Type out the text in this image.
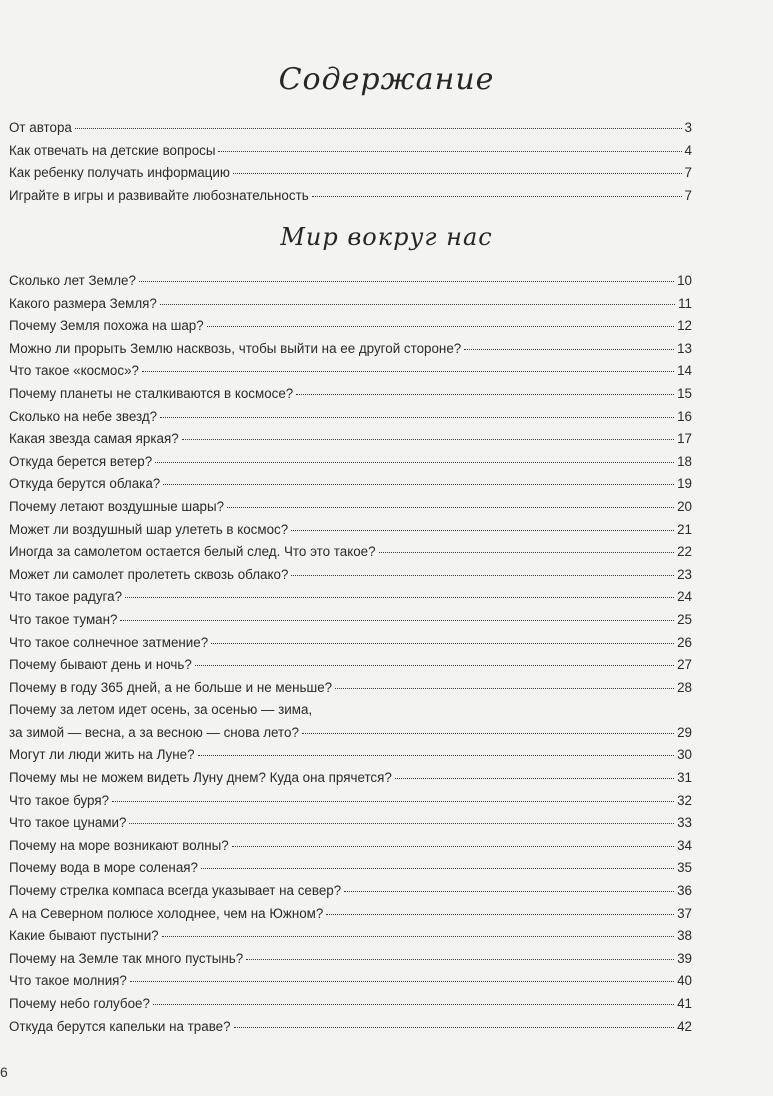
Содержание
От автора	3
Как отвечать на детские вопросы	4
Как ребенку получать информацию	7
Играйте в игры и развивайте любознательность	7
Мир вокруг нас
Сколько лет Земле?	10
Какого размера Земля?	11
Почему Земля похожа на шар?	12
Можно ли прорыть Землю насквозь, чтобы выйти на ее другой стороне?	13
Что такое «космос»?	14
Почему планеты не сталкиваются в космосе?	15
Сколько на небе звезд?	16
Какая звезда самая яркая?	17
Откуда берется ветер?	18
Откуда берутся облака?	19
Почему летают воздушные шары?	20
Может ли воздушный шар улететь в космос?	21
Иногда за самолетом остается белый след. Что это такое?	22
Может ли самолет пролететь сквозь облако?	23
Что такое радуга?	24
Что такое туман?	25
Что такое солнечное затмение?	26
Почему бывают день и ночь?	27
Почему в году 365 дней, а не больше и не меньше?	28
Почему за летом идет осень, за осенью — зима,
за зимой — весна, а за весною — снова лето?	29
Могут ли люди жить на Луне?	30
Почему мы не можем видеть Луну днем? Куда она прячется?	31
Что такое буря?	32
Что такое цунами?	33
Почему на море возникают волны?	34
Почему вода в море соленая?	35
Почему стрелка компаса всегда указывает на север?	36
А на Северном полюсе холоднее, чем на Южном?	37
Какие бывают пустыни?	38
Почему на Земле так много пустынь?	39
Что такое молния?	40
Почему небо голубое?	41
Откуда берутся капельки на траве?	42
6
